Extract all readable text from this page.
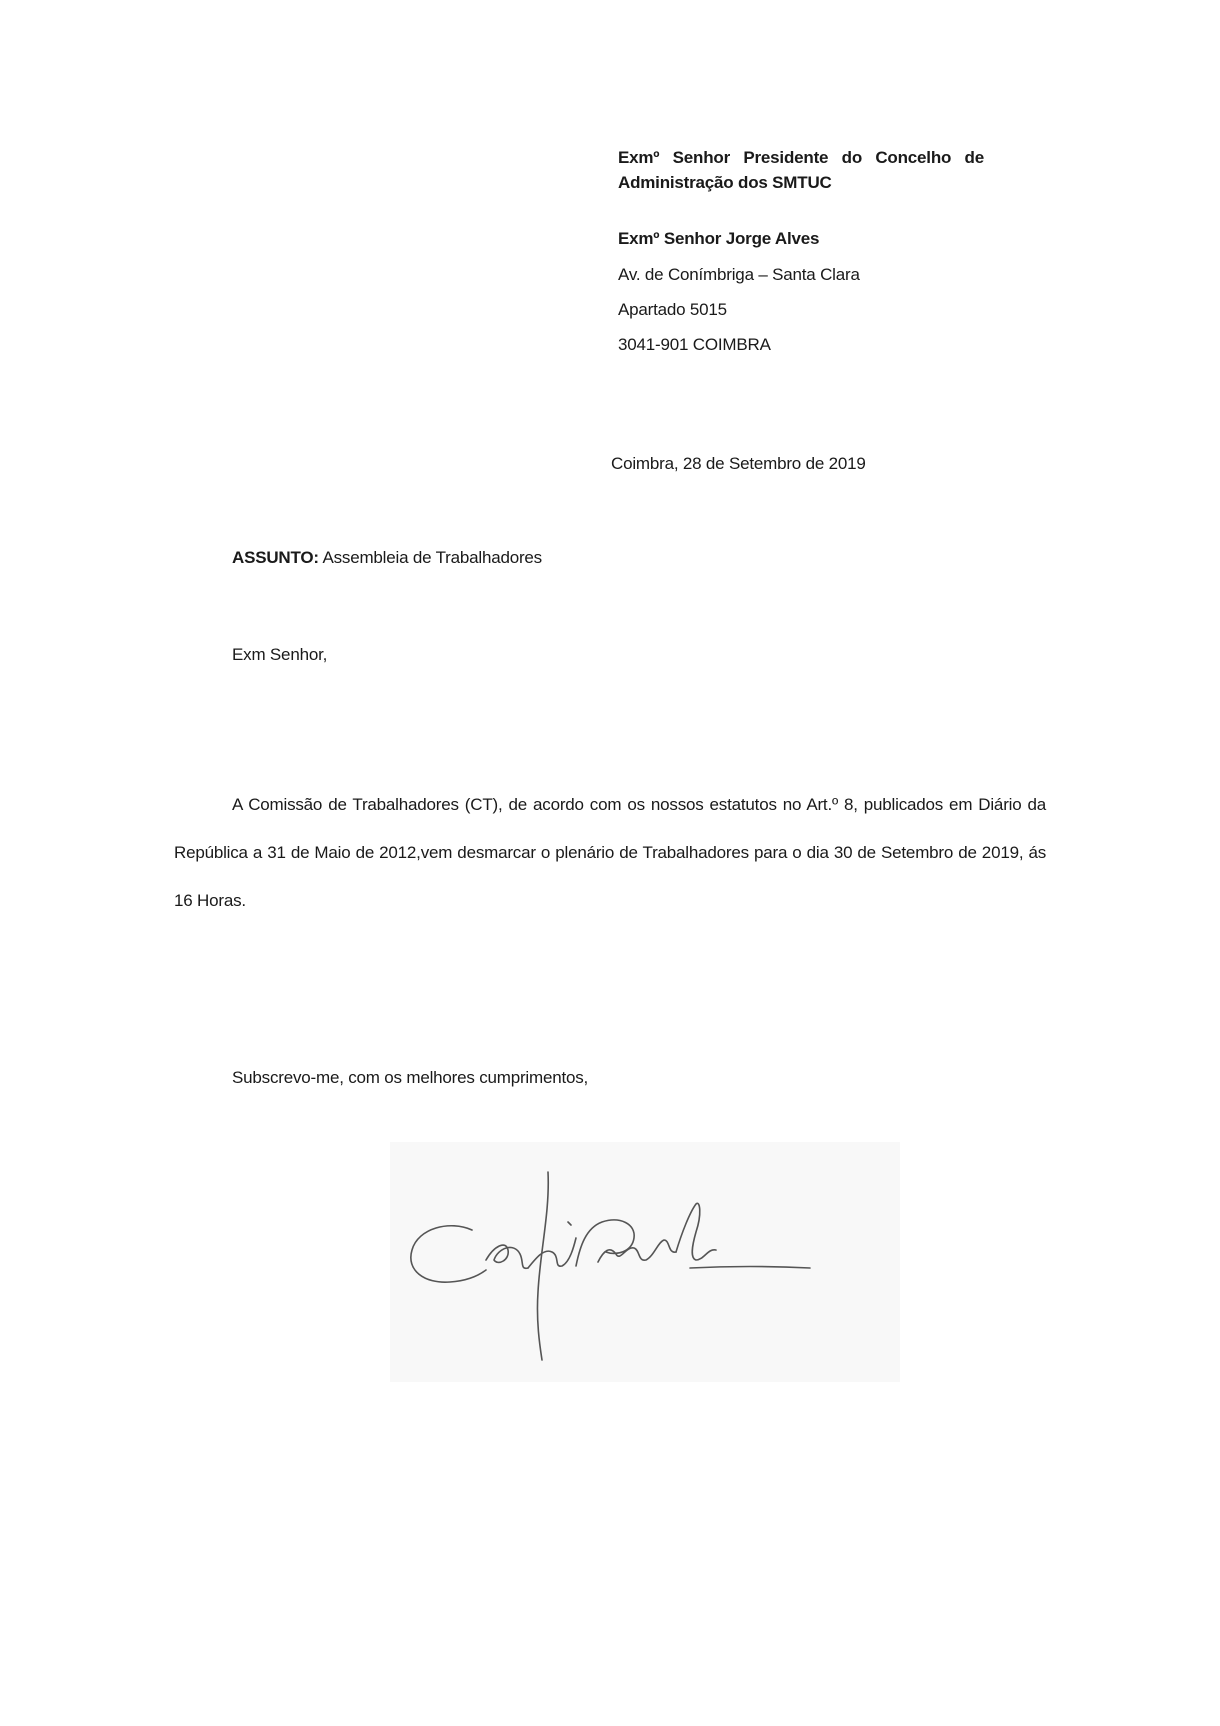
Exmº Senhor Presidente do Concelho de Administração dos SMTUC
Exmº Senhor Jorge Alves
Av. de Conímbriga – Santa Clara
Apartado 5015
3041-901 COIMBRA
Coimbra, 28 de Setembro de 2019
ASSUNTO: Assembleia de Trabalhadores
Exm Senhor,
A Comissão de Trabalhadores (CT), de acordo com os nossos estatutos no Art.º 8, publicados em Diário da República a 31 de Maio de 2012,vem desmarcar o plenário de Trabalhadores para o dia 30 de Setembro de 2019, ás 16 Horas.
Subscrevo-me, com os melhores cumprimentos,
